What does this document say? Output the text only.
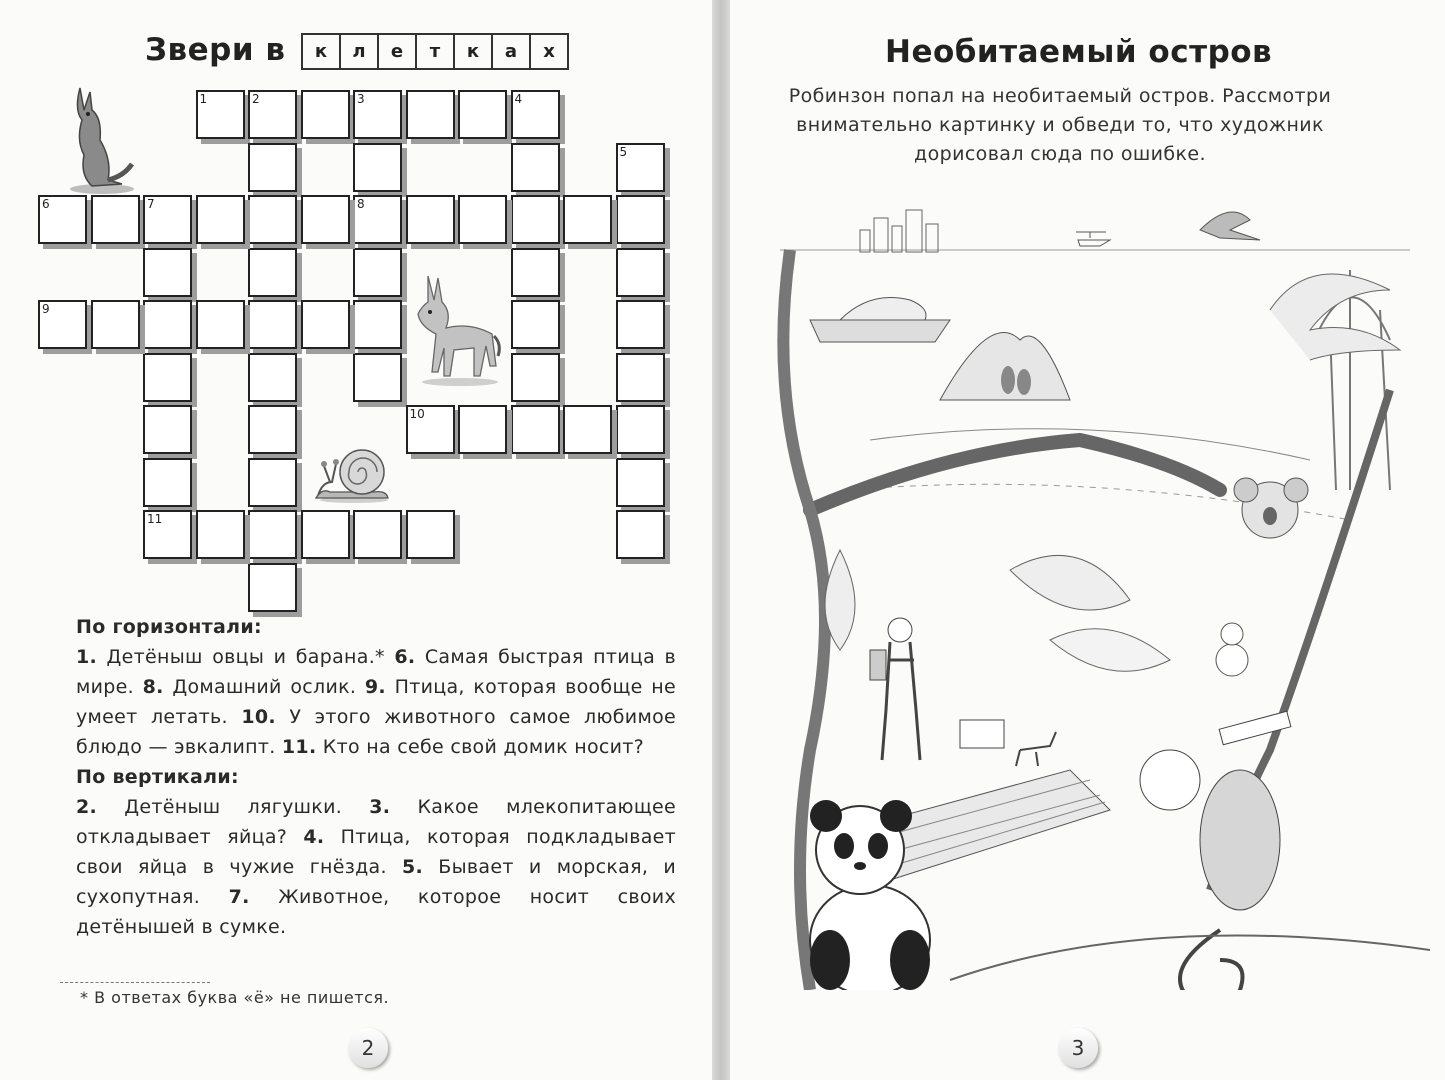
Звери в	к	л	е	т	к	а	х
1	2	3	4
8
5
6	7
11
9
10

По горизонтали:

1. Детёныш овцы и барана.* 6. Самая быстрая птица в мире. 8. Домашний ослик. 9. Птица, которая вообще не умеет летать. 10. У этого животного самое любимое блюдо — эвкалипт. 11. Кто на себе свой домик носит?

По вертикали:

2. Детёныш лягушки. 3. Какое млекопитающее откладывает яйца? 4. Птица, которая подкладывает свои яйца в чужие гнёзда. 5. Бывает и морская, и сухопутная. 7. Животное, которое носит своих детёнышей в сумке.

* В ответах буква «ё» не пишется.
2
Необитаемый остров
Робинзон попал на необитаемый остров. Рассмотри внимательно картинку и обведи то, что художник дорисовал сюда по ошибке.
3
